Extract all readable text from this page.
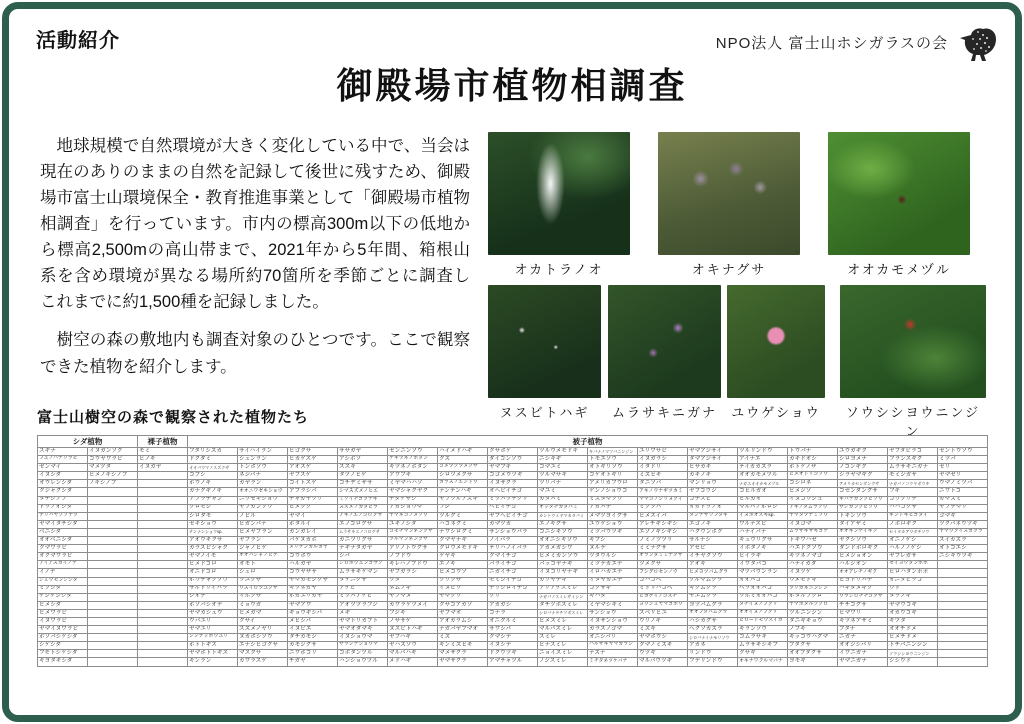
活動紹介	NPO法人 富士山ホシガラスの会
御殿場市植物相調査

　地球規模で自然環境が大きく変化している中で、当会は現在のありのままの自然を記録して後世に残すため、御殿場市富士山環境保全・教育推進事業として「御殿場市植物相調査」を行っています。市内の標高300m以下の低地から標高2,500mの高山帯まで、2021年から5年間、箱根山系を含め環境が異なる場所約70箇所を季節ごとに調査しこれまでに約1,500種を記録しました。

　樹空の森の敷地内も調査対象のひとつです。ここで観察できた植物を紹介します。

オカトラノオ	オキナグサ	オオカモメヅル
ヌスビトハギ	ムラサキニガナ	ユウゲショウ	ソウシシヨウニンジン
富士山樹空の森で観察された植物たち
シダ植物		裸子植物	被子植物															
スギナ	イヌガンソク	モミ	フタリシズカ	サイハイラン	ヒゴクサ	ササガヤ	センニンソウ	ハイメドハギ	クサボケ	ツルウメモドキ	キバナノマツバニンジン	ユリワサビ	ヤマアジサイ	ツルリンドウ	トウバナ	ユウガギク	ヤブタビラコ	セントウソウ
フユノハナワラビ	コウヤワラビ	ヒノキ	ドクダミ	シュンラン	ヒカゲスゲ	アシボソ	ケキツネノボタン	クズ	ダイコンソウ	ニシキギ	トモエソウ	イヌガラシ	タマアジサイ	アイナエ	カキドオシ	シロヨメナ	フランスギク	ミツバ
ゼンマイ	マメヅタ	イヌガヤ	オオバウマノスズクサ	トンボソウ	アオスゲ	ススキ	キツネノボタン	コメツブツメクサ	ヤマブキ	コマユミ	オトギリソウ	イタドリ	ヒサカキ	テイカカズラ	ホトケノザ	ノコンギク	ムラサキニガナ	セリ
イヌシダ	ヒメノキシノブ		コブシ	ネジバナ	ヤブスゲ	タツノヒゲ	アワブキ	シロツメクサ	コゴメウツギ	ツルマサキ	コケオトギリ	ミズヒキ	カキノキ	オオカモメヅル	ヒメオドリコソウ	シラヤマギク	モミジガサ	ヤマゼリ
オウレンシダ	ノキシノブ		ホウノキ	カヤラン	コイトスゲ	コチヂミザサ	ミヤマハハソ	カラスノエンドウ	イヌザクラ	ツリバナ	アメリカフウロ	タニソバ	マンリョウ	ナガエオオカモメヅル	コシロネ	アメリカセンダングサ	ナガバノコウヤボウキ	ウマノミツバ
クジャクシダ			カナクギノキ	オオニワゼキショウ	アブラシバ	シマスズメノヒエ	ヤマシャクヤク	ナンテンハギ	オヘビイチゴ	マユミ	ゲンノショウコ	アキノウナギツカミ	ヤブコウジ	コヒルガオ	ヒメジソ	コセンダングサ	フキ	ニワトコ
タチシノブ			アブラチャン	ニワゼキショウ	チャガヤツリ	ミゾイチゴツナギ	チダケサシ	ヤブツルアズキ	ミツバツチグリ	カタバミ	ミズタマソウ	ママコノシリヌグイ	コナスビ	ヒルガオ	イヌコウジュ	キバナガンクビソウ	コウゾリナ	ガマズミ
トラノオシダ			クロモジ	ヤブカンゾウ	ヒメクグ	スズメノカタビラ	アカショウマ	フジ	ヘビイチゴ	オッタチカタバミ	アカバナ	ミゾソバ	オカトラノオ	マルバノホロシ	アキノタムラソウ	サジガンクビソウ	ハハコグサ	ヤブデマリ
テリハヤブソテツ			シロダモ	ノビル	ヤマイ	アキノエノコログサ	ヤマネコノメソウ	ツルグミ	ヤブヘビイチゴ	カントウミヤマカタバミ	メマツヨイグサ	ヒメスイバ	タンナサワフタギ	イヌホオズキsp.	ヤマタツナミソウ	トキンソウ	キントキヒゴタイ	ゴマギ
ヤマイタチシダ			セキショウ	ヒガンバナ	ホタルイ	エノコログサ	ユキノシタ	ハコネグミ	カマツカ	エノキグサ	ユウゲショウ	アレチギシギシ	エゴノキ	ワルナスビ	イヌゴマ	タイアザミ	ノボロギク	ツクバネウツギ
ベニシダ			テンナンショウsp.	ヒメヤブラン	カンガレイ	ムラサキエノコログサ	コモチマンネングサ	ナワシログミ	サンショウバラ	コニシキソウ	ミツバウツギ	エゾノギシギシ	ハクウンボク	ハナイバナ	ムラサキサギゴケ	オオキンケイギク	セイタカアワダチソウ	ヤマウグイスカグラ
オオベニシダ			アオウキクサ	ヤブラン	バケヌカボ	カニツリグサ	ツルマンネングサ	クマヤナギ	ノイバラ	オオニシキソウ	キブシ	ノミノツヅリ	サルナシ	キュウリグサ	トキワハゼ	ヤクシソウ	オニノゲシ	スイカズラ
クマワラビ			カラスビシャク	ジャノヒゲ	メリケンカルカヤ	ナギナタガヤ	アリノトウグサ	クロウメモドキ	テリハノイバラ	アカメガシワ	ヌルデ	ミミナグサ	アセビ	イボタノキ	ハエドクソウ	ダンドボロギク	ハルノノゲシ	オトコエシ
オクマワラビ			ヤマノイモ	オオバジャノヒゲ	コウボウ	シバ	ノブドウ	ケヤキ	クマイチゴ	ヒメミカンソウ	ツタウルシ	オランダミミナグサ	イチヤクソウ	ヒイラギ	キツネノマゴ	ヒメジョオン	ヤブレガサ	ニシキウツギ
アイアスカイノデ			ヒメドコロ	オモト	ハルガヤ	ジロボウエンゴサク	キレハノブドウ	エノキ	バライチゴ	バッコヤナギ	ミツデカエデ	ツメクサ	アオキ	イワタバコ	ハナイカダ	ハルジオン	セイヨウタンポポ	
イノデ			オニドコロ	シュロ	コウヤザサ	ムラサキケマン	ヤブガラシ	ヒメコウゾ	ニガイチゴ	イヌコリヤナギ	イロハカエデ	フシグロセンノウ	ヒメヨツバムグラ	マツバウンラン	イヌツゲ	オオアレチノギク	ヒロハタンポポ	
ジュウモンジシダ			ホウチャクソウ	ツユクサ	ヤマカモジグサ	タケニグサ	ツタ	クワクサ	モミジイチゴ	カワヤナギ	イタヤカエデ	コハコベ	クルマムグラ	オオバコ	ウメモドキ	ヒヨドリバナ	オニタビラコ	
ミゾシダ			サルトリイバラ	ウスイロツユクサ	キツネガヤ	アケビ	ネムノキ	イヌビワ	ナワシロイチゴ	アリアケスミレ	コクサギ	ミドリハコベ	キクムグラ	ヘラオオバコ	ツリガネニンジン	ハキダメギク	ウド	
ゲジゲジシダ			シオデ	イボクサ	ホガエリガヤ	ミツバアケビ	ヤブマメ	ヤマグワ	クリ	ナガバノスミレサイシン	キハダ	ヒカゲイノコズチ	ヤエムグラ	ツボミオオバコ	ホタルブクロ	ウラジロチチコグサ	タラノキ	
ヒメシダ			ホソバシオデ	ミョウガ	ヤマアワ	アオツヅラフジ	カワラケツメイ	クサコアカソ	アカガシ	タチツボスミレ	ミヤマシキミ	ヨウシュヤマゴボウ	ヨツバムグラ	タチイヌノフグリ	ヤマホタルブクロ	チチコグサ	ヤマウコギ	
ヒメワラビ			ヤマカシュウ	ヒメガマ	ギョウギシバ	メギ	フジキ	ヤブマオ	コナラ	シロバナタチツボスミレ	サンショウ	スベリヒユ	オオフタバムグラ	オオイヌノフグリ	ツルニンジン	ヒマワリ	オカウコギ	
イヌワラビ			ウバユリ	クサイ	メヒシバ	ヤマトリカブト	ノササゲ	アオカラムシ	オニグルミ	ヒメスミレ	イヌザンショウ	ウリノキ	ハシカグサ	ビロードモウズイカ	タニギキョウ	キツネアザミ	キヅタ	
ヤマイヌワラビ			ヤマユリ	スズメノヤリ	イヌビエ	ヤマオダマキ	ヌスビトハギ	ナガバヤブマオ	サワシバ	マルバスミレ	カラスノゴマ	ミズキ	ヘクソカズラ	キランソウ	ノブキ	ブタナ	オオチドメ	
ホソバシケシダ			シンテッポウユリ	ヌカボシソウ	タチカモジ	イヌショウマ	ヤブハギ	ミズ	クマシデ	スミレ	オニシバリ	ヤマボウシ	シロバナイナモリソウ	コムラサキ	キッコウハグマ	ニガナ	ヒメチドメ	
シケシダ			ホトトギス	エナシヒゴクサ	カモジグサ	サラシナショウマ	ヤハズソウ	キンミズヒキ	イヌシデ	ヒナスミレ	ハルザキヤマガラシ	クマノミズキ	アカネ	ムラサキシキブ	ブタクサ	オオジシバリ	トチバニンジン	
フモトシケシダ			ヤマホトトギス	マスクサ	ニワホコリ	コボタンヅル	マルバハギ	マメザクラ	ドクウツギ	ニョイスミレ	ナズナ	ウツギ	リンドウ	クサギ	オオブタクサ	イワニガナ	ソウシシヨウニンジン	
キヨタキシダ			キンラン	カワラスゲ	チガヤ	ハンショウヅル	メドハギ	ヤマザクラ	アマチャヅル	ノジスミレ	ミチタネツケバナ	マルバウツギ	フデリンドウ	オキナワクルマバナ	ヨモギ	ヤマニガナ	シシウド	
